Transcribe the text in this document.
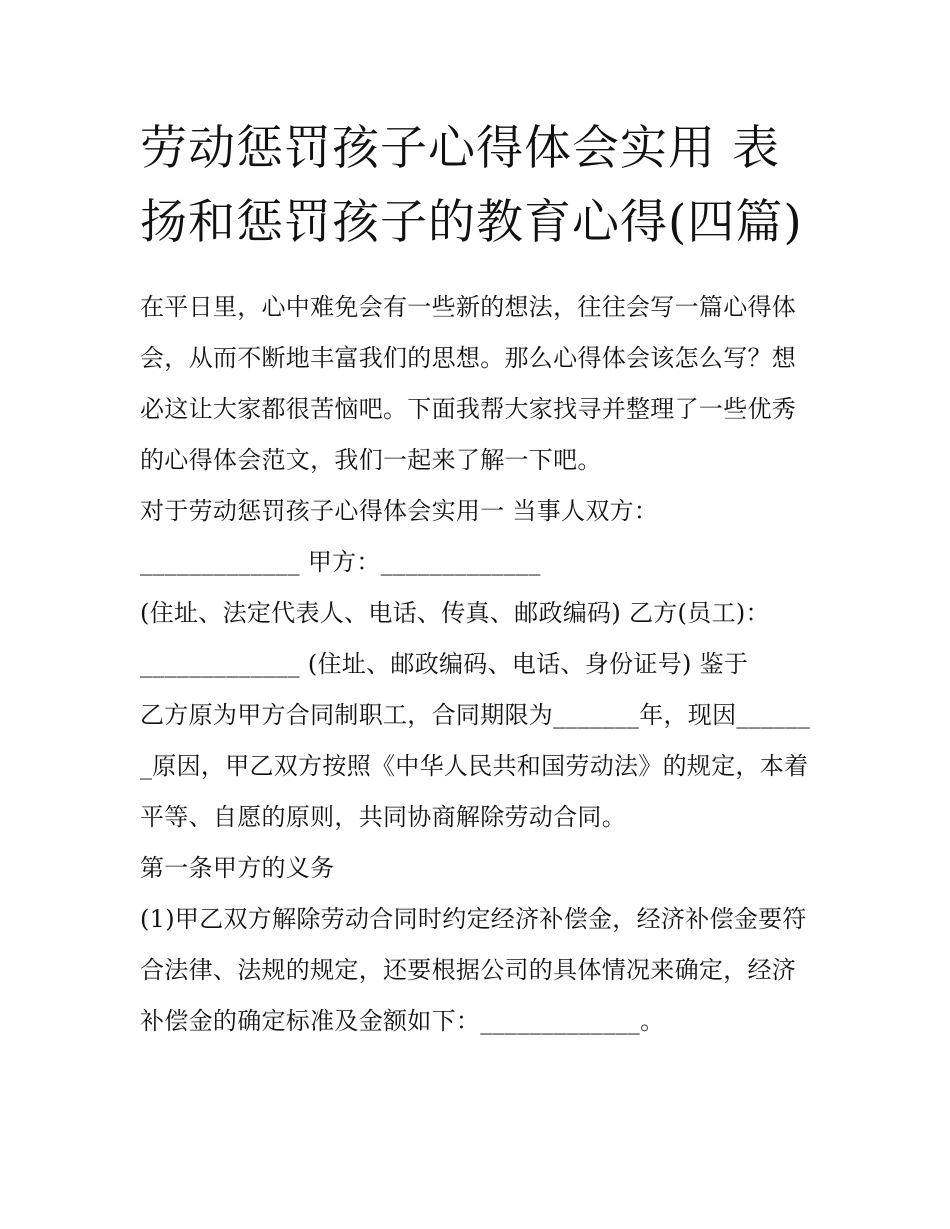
劳动惩罚孩子心得体会实用 表扬和惩罚孩子的教育心得(四篇)

在平日里，心中难免会有一些新的想法，往往会写一篇心得体会，从而不断地丰富我们的思想。那么心得体会该怎么写？想必这让大家都很苦恼吧。下面我帮大家找寻并整理了一些优秀的心得体会范文，我们一起来了解一下吧。

对于劳动惩罚孩子心得体会实用一 当事人双方：

_____________ 甲方：_____________

(住址、法定代表人、电话、传真、邮政编码) 乙方(员工)：

_____________ (住址、邮政编码、电话、身份证号) 鉴于

乙方原为甲方合同制职工，合同期限为_______年，现因_______原因，甲乙双方按照《中华人民共和国劳动法》的规定，本着平等、自愿的原则，共同协商解除劳动合同。

第一条甲方的义务

(1)甲乙双方解除劳动合同时约定经济补偿金，经济补偿金要符合法律、法规的规定，还要根据公司的具体情况来确定，经济补偿金的确定标准及金额如下：_____________。
